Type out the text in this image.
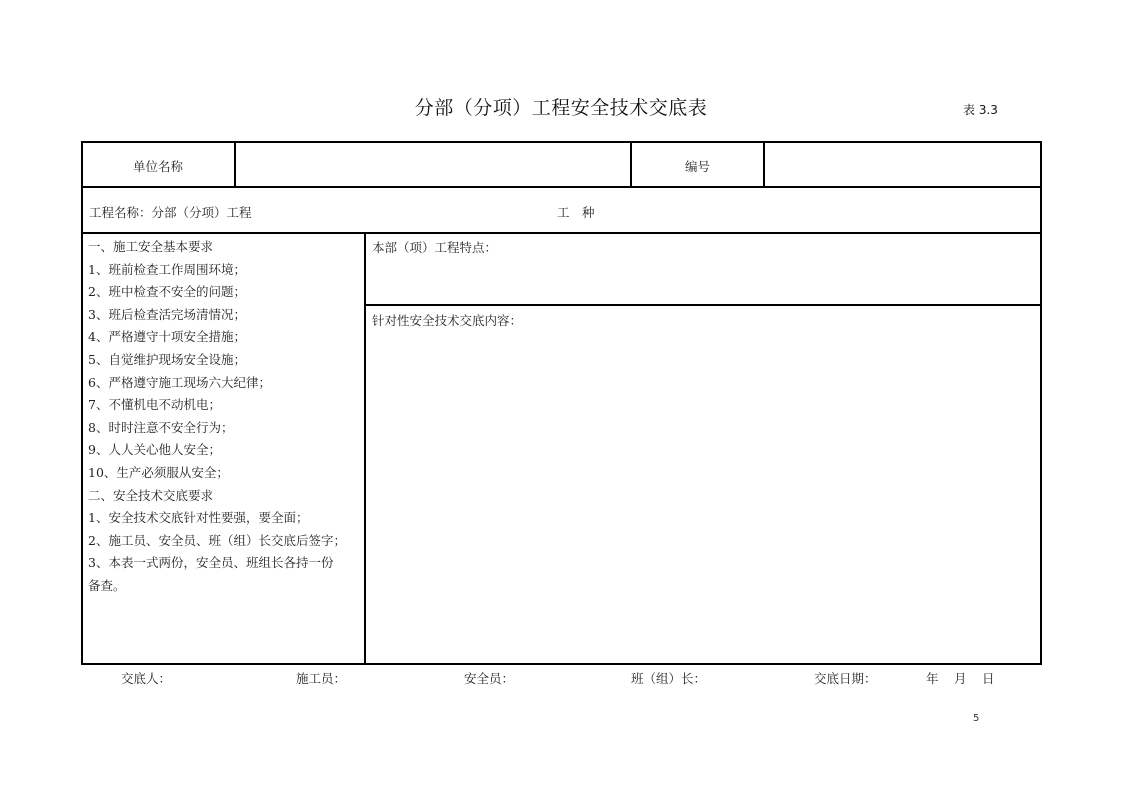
分部（分项）工程安全技术交底表	表 3.3
单位名称	编号
工程名称：分部（分项）工程	工　种
一、施工安全基本要求
1、班前检查工作周围环境；
2、班中检查不安全的问题；
3、班后检查活完场清情况；
4、严格遵守十项安全措施；
5、自觉维护现场安全设施；
6、严格遵守施工现场六大纪律；
7、不懂机电不动机电；
8、时时注意不安全行为；
9、人人关心他人安全；
10、生产必须服从安全；
二、安全技术交底要求
1、安全技术交底针对性要强，要全面；
2、施工员、安全员、班（组）长交底后签字；
3、本表一式两份，安全员、班组长各持一份
备查。
本部（项）工程特点：
针对性安全技术交底内容：
交底人：	施工员：	安全员：	班（组）长：	交底日期：	年 月 日
5
